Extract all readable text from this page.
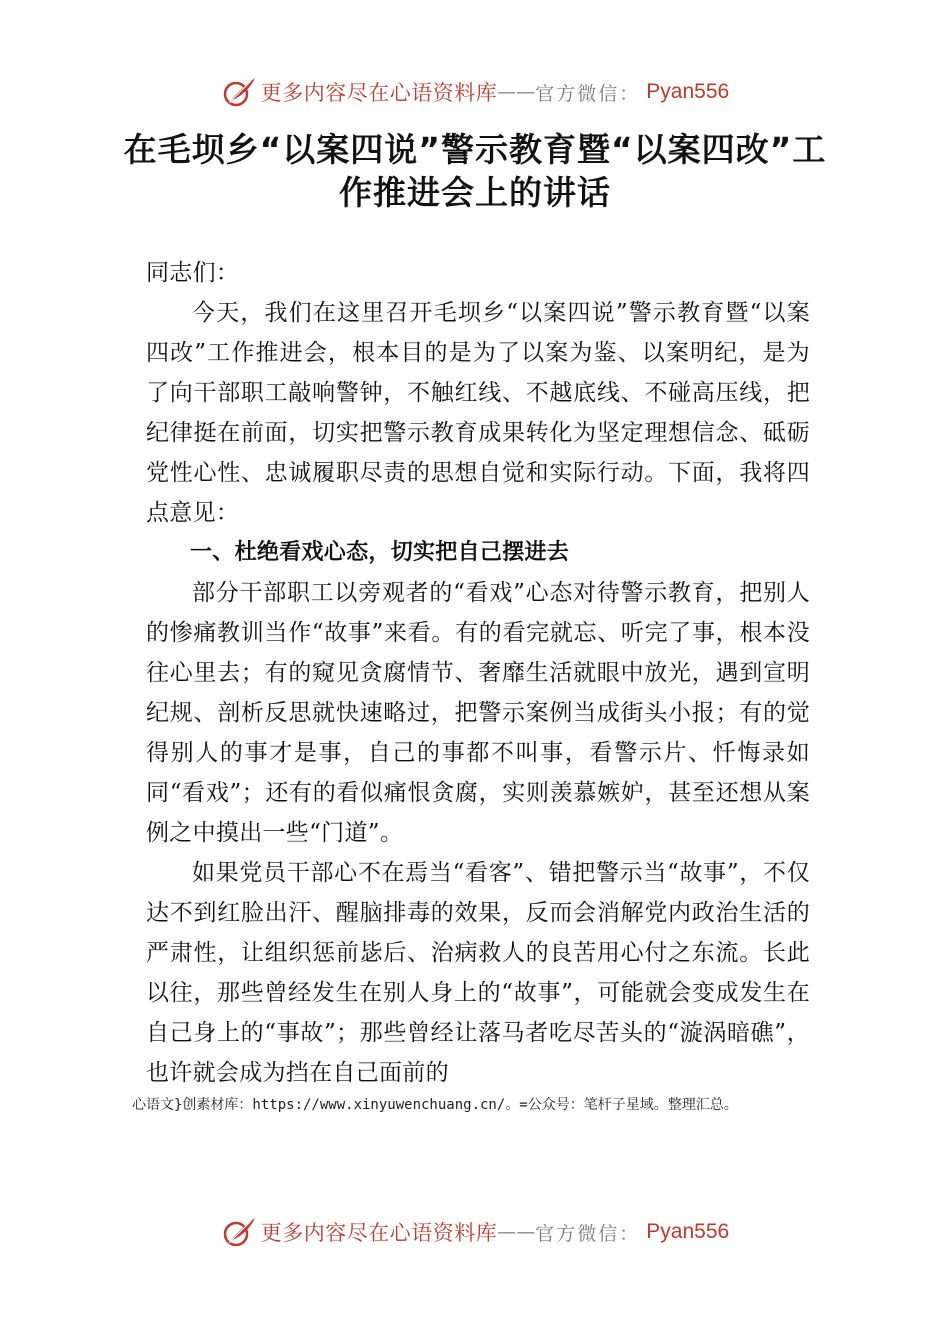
更多内容尽在心语资料库 —— 官方微信： Pyan556
在毛坝乡“以案四说”警示教育暨“以案四改”工作推进会上的讲话

同志们：

今天，我们在这里召开毛坝乡“以案四说”警示教育暨“以案四改”工作推进会，根本目的是为了以案为鉴、以案明纪，是为了向干部职工敲响警钟，不触红线、不越底线、不碰高压线，把纪律挺在前面，切实把警示教育成果转化为坚定理想信念、砥砺党性心性、忠诚履职尽责的思想自觉和实际行动。下面，我将四点意见：

一、杜绝看戏心态，切实把自己摆进去

部分干部职工以旁观者的“看戏”心态对待警示教育，把别人的惨痛教训当作“故事”来看。有的看完就忘、听完了事，根本没往心里去；有的窥见贪腐情节、奢靡生活就眼中放光，遇到宣明纪规、剖析反思就快速略过，把警示案例当成街头小报；有的觉得别人的事才是事，自己的事都不叫事，看警示片、忏悔录如同“看戏”；还有的看似痛恨贪腐，实则羡慕嫉妒，甚至还想从案例之中摸出一些“门道”。

如果党员干部心不在焉当“看客”、错把警示当“故事”，不仅达不到红脸出汗、醒脑排毒的效果，反而会消解党内政治生活的严肃性，让组织惩前毖后、治病救人的良苦用心付之东流。长此以往，那些曾经发生在别人身上的“故事”，可能就会变成发生在自己身上的“事故”；那些曾经让落马者吃尽苦头的“漩涡暗礁”，也许就会成为挡在自己面前的

心语文}创素材库：https://www.xinyuwenchuang.cn/。=公众号：笔杆子星域。整理汇总。
更多内容尽在心语资料库 —— 官方微信： Pyan556
